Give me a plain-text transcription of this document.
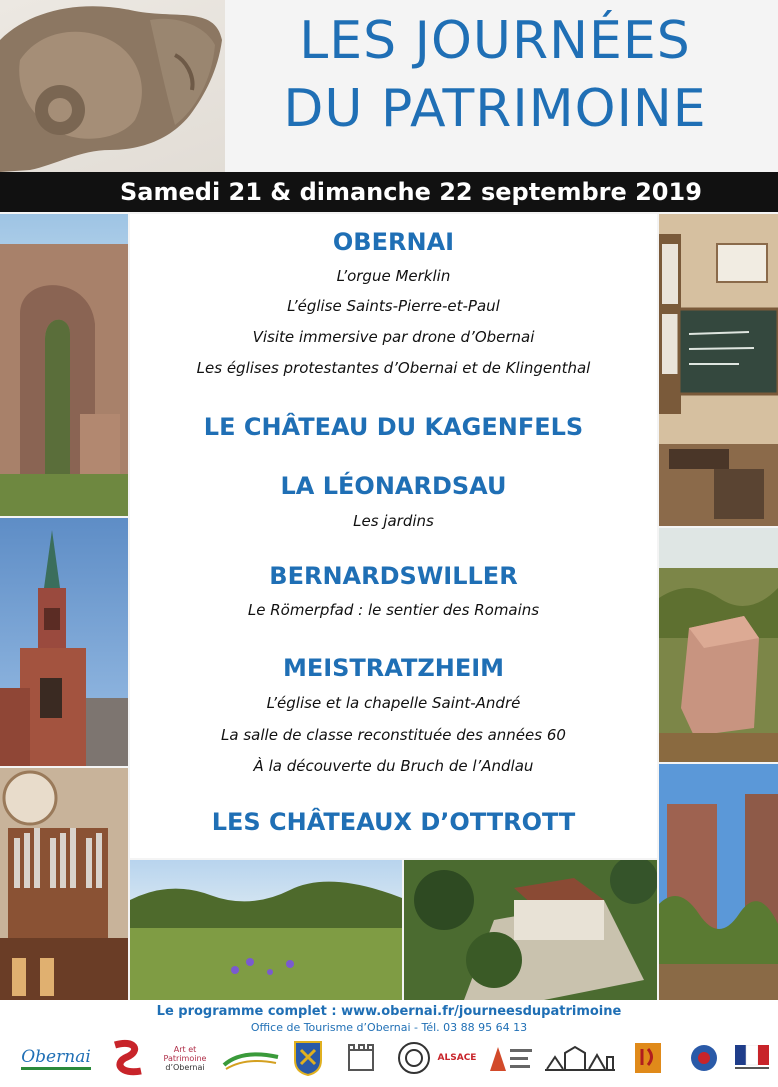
LES JOURNÉES
DU PATRIMOINE
Samedi 21 & dimanche 22 septembre 2019
OBERNAI
L’orgue Merklin
L’église Saints-Pierre-et-Paul
Visite immersive par drone d’Obernai
Les églises protestantes d’Obernai et de Klingenthal
LE CHÂTEAU DU KAGENFELS
LA LÉONARDSAU
Les jardins
BERNARDSWILLER
Le Römerpfad : le sentier des Romains
MEISTRATZHEIM
L’église et la chapelle Saint-André
La salle de classe reconstituée des années 60
À la découverte du Bruch de l’Andlau
LES CHÂTEAUX D’OTTROTT
Le programme complet : www.obernai.fr/journeesdupatrimoine
Office de Tourisme d’Obernai - Tél. 03 88 95 64 13
Obernai	Art et
Patrimoine
d’Obernai
ALSACE
